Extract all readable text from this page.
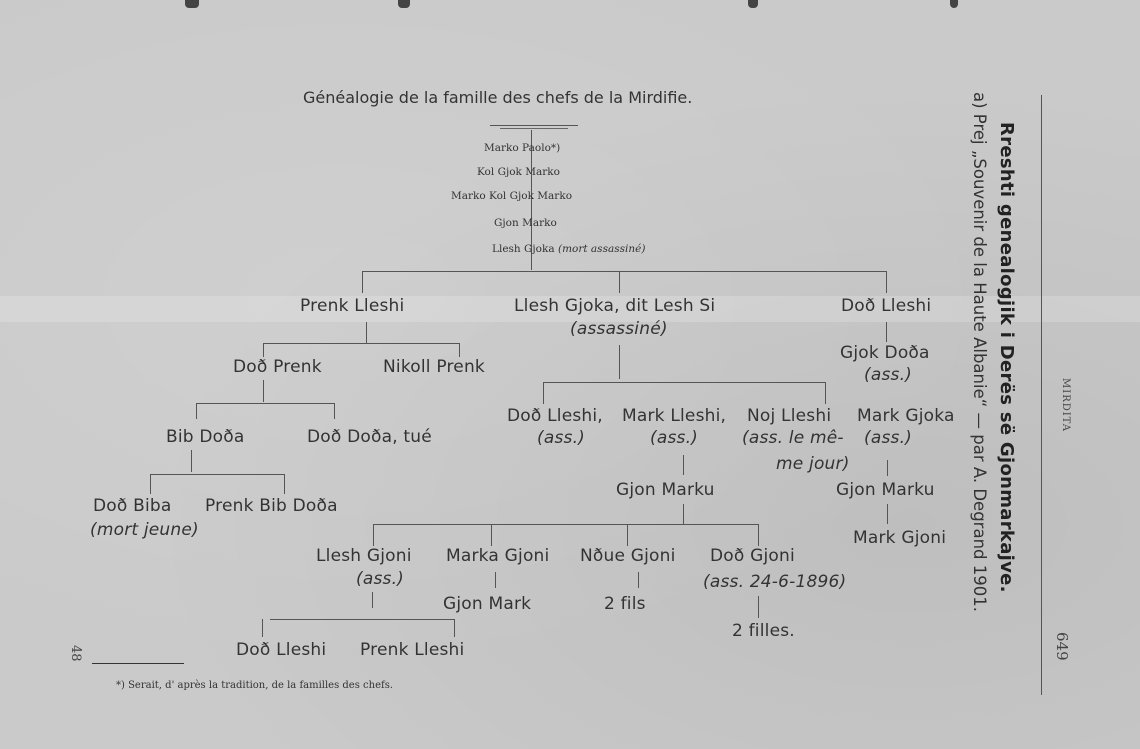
Généalogie de la famille des chefs de la Mirdifie.
Marko Paolo*)
Kol Gjok Marko
Marko Kol Gjok Marko
Gjon Marko
Llesh Gjoka (mort assassiné)
Prenk Lleshi	Llesh Gjoka, dit Lesh Si
(assassiné)
Doð Lleshi
Doð Prenk	Nikoll Prenk
Gjok Doða
(ass.)
Bib Doða	Doð Doða, tué
Doð Lleshi,
(ass.)
Mark Lleshi,
(ass.)
Noj Lleshi
(ass. le mê-
me jour)
Mark Gjoka
(ass.)
Doð Biba
(mort jeune)
Prenk Bib Doða
Gjon Marku	Gjon Marku
Mark Gjoni
Llesh Gjoni
(ass.)
Marka Gjoni Nðue Gjoni Doð Gjoni
(ass. 24-6-1896)
Gjon Mark	2 fils
2 filles.
Doð Lleshi Prenk Lleshi
*) Serait, d' après la tradition, de la familles des chefs.
48
Rreshti genealogjik i Derës së Gjonmarkajve.
a) Prej „Souvenir de la Haute Albanie“ — par A. Degrand 1901.	MIRDITA
649
